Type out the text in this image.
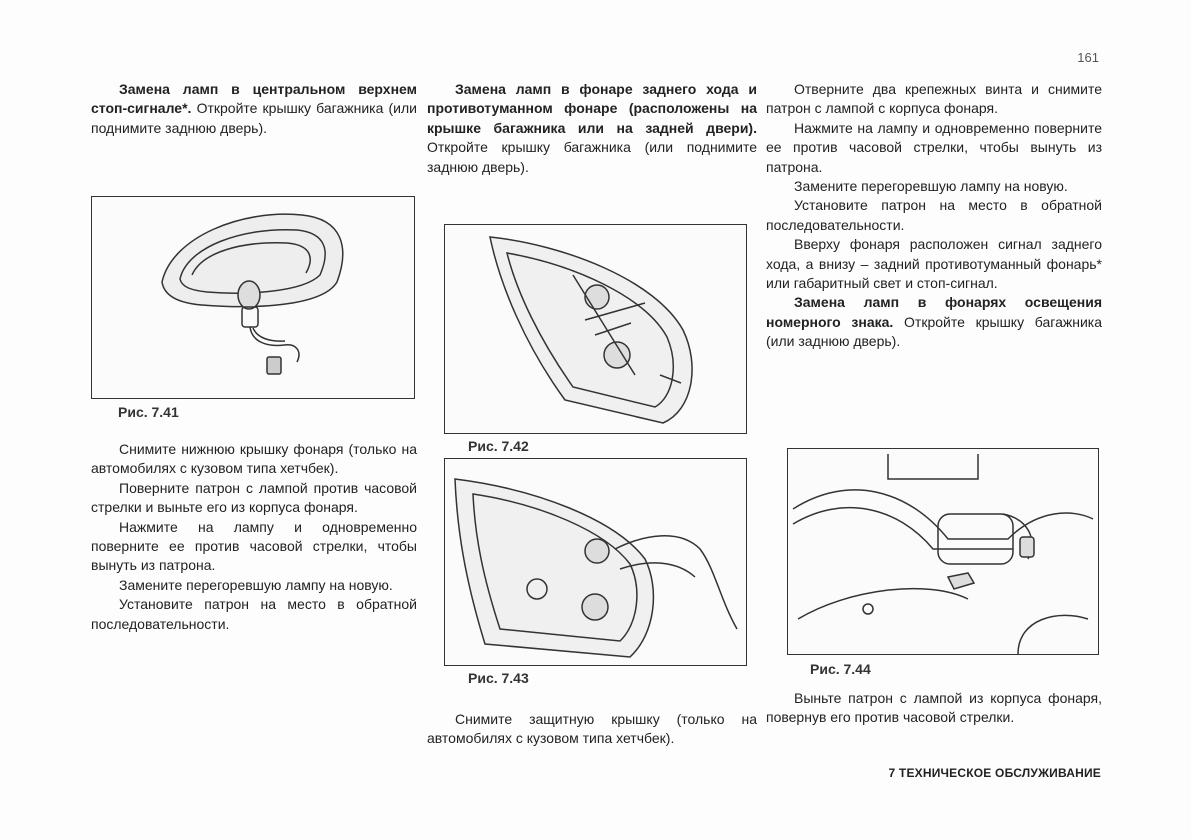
161

Замена ламп в центральном верхнем стоп-сигнале*. Откройте крышку багажника (или поднимите заднюю дверь).

Рис. 7.41

Снимите нижнюю крышку фонаря (только на автомобилях с кузовом типа хетчбек).

Поверните патрон с лампой против часовой стрелки и выньте его из корпуса фонаря.

Нажмите на лампу и одновременно поверните ее против часовой стрелки, чтобы вынуть из патрона.

Замените перегоревшую лампу на новую.

Установите патрон на место в обратной последовательности.

Замена ламп в фонаре заднего хода и противотуманном фонаре (расположены на крышке багажника или на задней двери). Откройте крышку багажника (или поднимите заднюю дверь).

Рис. 7.42
Рис. 7.43

Снимите защитную крышку (только на автомобилях с кузовом типа хетчбек).

Отверните два крепежных винта и снимите патрон с лампой с корпуса фонаря.

Нажмите на лампу и одновременно поверните ее против часовой стрелки, чтобы вынуть из патрона.

Замените перегоревшую лампу на новую.

Установите патрон на место в обратной последовательности.

Вверху фонаря расположен сигнал заднего хода, а внизу – задний противотуманный фонарь* или габаритный свет и стоп-сигнал.

Замена ламп в фонарях освещения номерного знака. Откройте крышку багажника (или заднюю дверь).

Рис. 7.44

Выньте патрон с лампой из корпуса фонаря, повернув его против часовой стрелки.

7 ТЕХНИЧЕСКОЕ ОБСЛУЖИВАНИЕ
